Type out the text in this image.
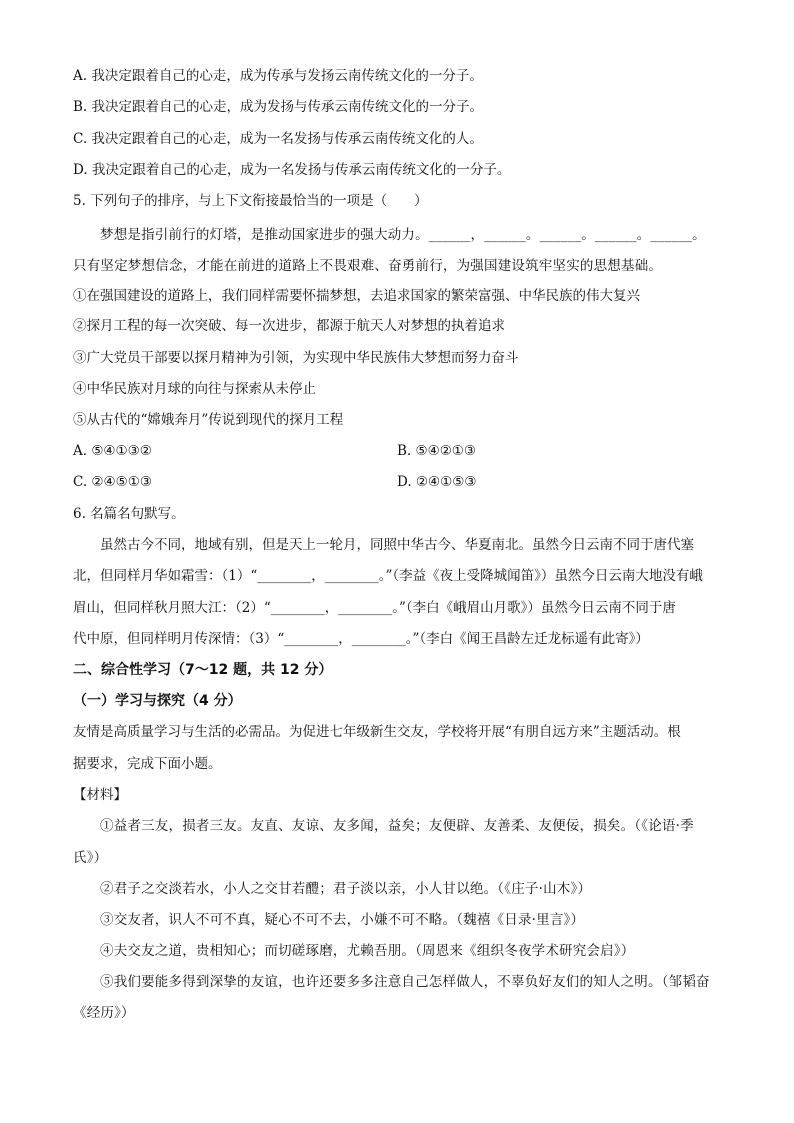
A. 我决定跟着自己的心走，成为传承与发扬云南传统文化的一分子。
B. 我决定跟着自己的心走，成为发扬与传承云南传统文化的一分子。
C. 我决定跟着自己的心走，成为一名发扬与传承云南传统文化的人。
D. 我决定跟着自己的心走，成为一名发扬与传承云南传统文化的一分子。
5. 下列句子的排序，与上下文衔接最恰当的一项是（　　）
梦想是指引前行的灯塔，是推动国家进步的强大动力。______，______。______。______。______。
只有坚定梦想信念，才能在前进的道路上不畏艰难、奋勇前行，为强国建设筑牢坚实的思想基础。
①在强国建设的道路上，我们同样需要怀揣梦想，去追求国家的繁荣富强、中华民族的伟大复兴
②探月工程的每一次突破、每一次进步，都源于航天人对梦想的执着追求
③广大党员干部要以探月精神为引领，为实现中华民族伟大梦想而努力奋斗
④中华民族对月球的向往与探索从未停止
⑤从古代的“嫦娥奔月”传说到现代的探月工程
A. ⑤④①③②	B. ⑤④②①③
C. ②④⑤①③	D. ②④①⑤③
6. 名篇名句默写。
虽然古今不同，地域有别，但是天上一轮月，同照中华古今、华夏南北。虽然今日云南不同于唐代塞
北，但同样月华如霜雪：（1）“________，________。”（李益《夜上受降城闻笛》）虽然今日云南大地没有峨
眉山，但同样秋月照大江：（2）“________，________。”（李白《峨眉山月歌》）虽然今日云南不同于唐
代中原，但同样明月传深情：（3）“________，________。”（李白《闻王昌龄左迁龙标遥有此寄》）
二、综合性学习（7～12 题，共 12 分）
（一）学习与探究（4 分）
友情是高质量学习与生活的必需品。为促进七年级新生交友，学校将开展“有朋自远方来”主题活动。根
据要求，完成下面小题。
【材料】
①益者三友，损者三友。友直、友谅、友多闻，益矣；友便辟、友善柔、友便佞，损矣。（《论语·季
氏》）
②君子之交淡若水，小人之交甘若醴；君子淡以亲，小人甘以绝。（《庄子·山木》）
③交友者，识人不可不真，疑心不可不去，小嫌不可不略。（魏禧《日录·里言》）
④夫交友之道，贵相知心；而切磋琢磨，尤赖吾朋。（周恩来《组织冬夜学术研究会启》）
⑤我们要能多得到深挚的友谊，也许还要多多注意自己怎样做人，不辜负好友们的知人之明。（邹韬奋
《经历》）
